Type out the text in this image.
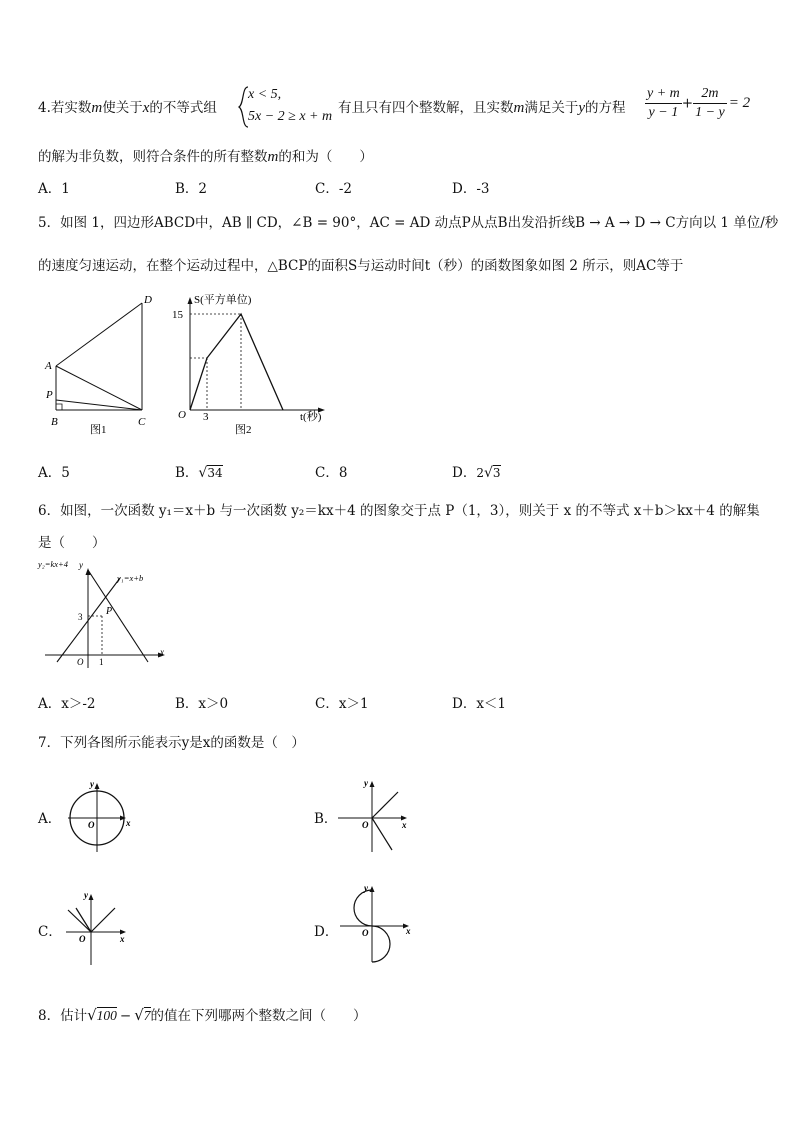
4.若实数m使关于x的不等式组
x < 5,
5x − 2 ≥ x + m
有且只有四个整数解，且实数m满足关于y的方程 $\frac{y + m}{y - 1} + \frac{2m}{1 - y} = 2$
的解为非负数，则符合条件的所有整数m的和为（　　）
A．1	B．2	C．-2	D．-3
5．如图 1，四边形ABCD中，AB ∥ CD，∠B = 90°，AC = AD 动点P从点B出发沿折线B → A → D → C方向以 1 单位/秒
的速度匀速运动，在整个运动过程中，△BCP的面积S与运动时间t（秒）的函数图象如图 2 所示，则AC等于
D
A
P
B	C
图1
S(平方单位)
15
O 3	t(秒)
图2
A．5	B．√34	C．8	D．2√3
6．如图，一次函数 y₁＝x＋b 与一次函数 y₂＝kx＋4 的图象交于点 P（1，3），则关于 x 的不等式 x＋b＞kx＋4 的解集
是（　　）
y₂=kx+4 y
y₁=x+b
P
3
O 1
x
A．x＞-2	B．x＞0	C．x＞1	D．x＜1
7．下列各图所示能表示y是x的函数是（　）
A．
y
x
O	B．
y
x
O
C．
y
x
O	D．
y
x
O
8．估计√100 − √7的值在下列哪两个整数之间（　　）
